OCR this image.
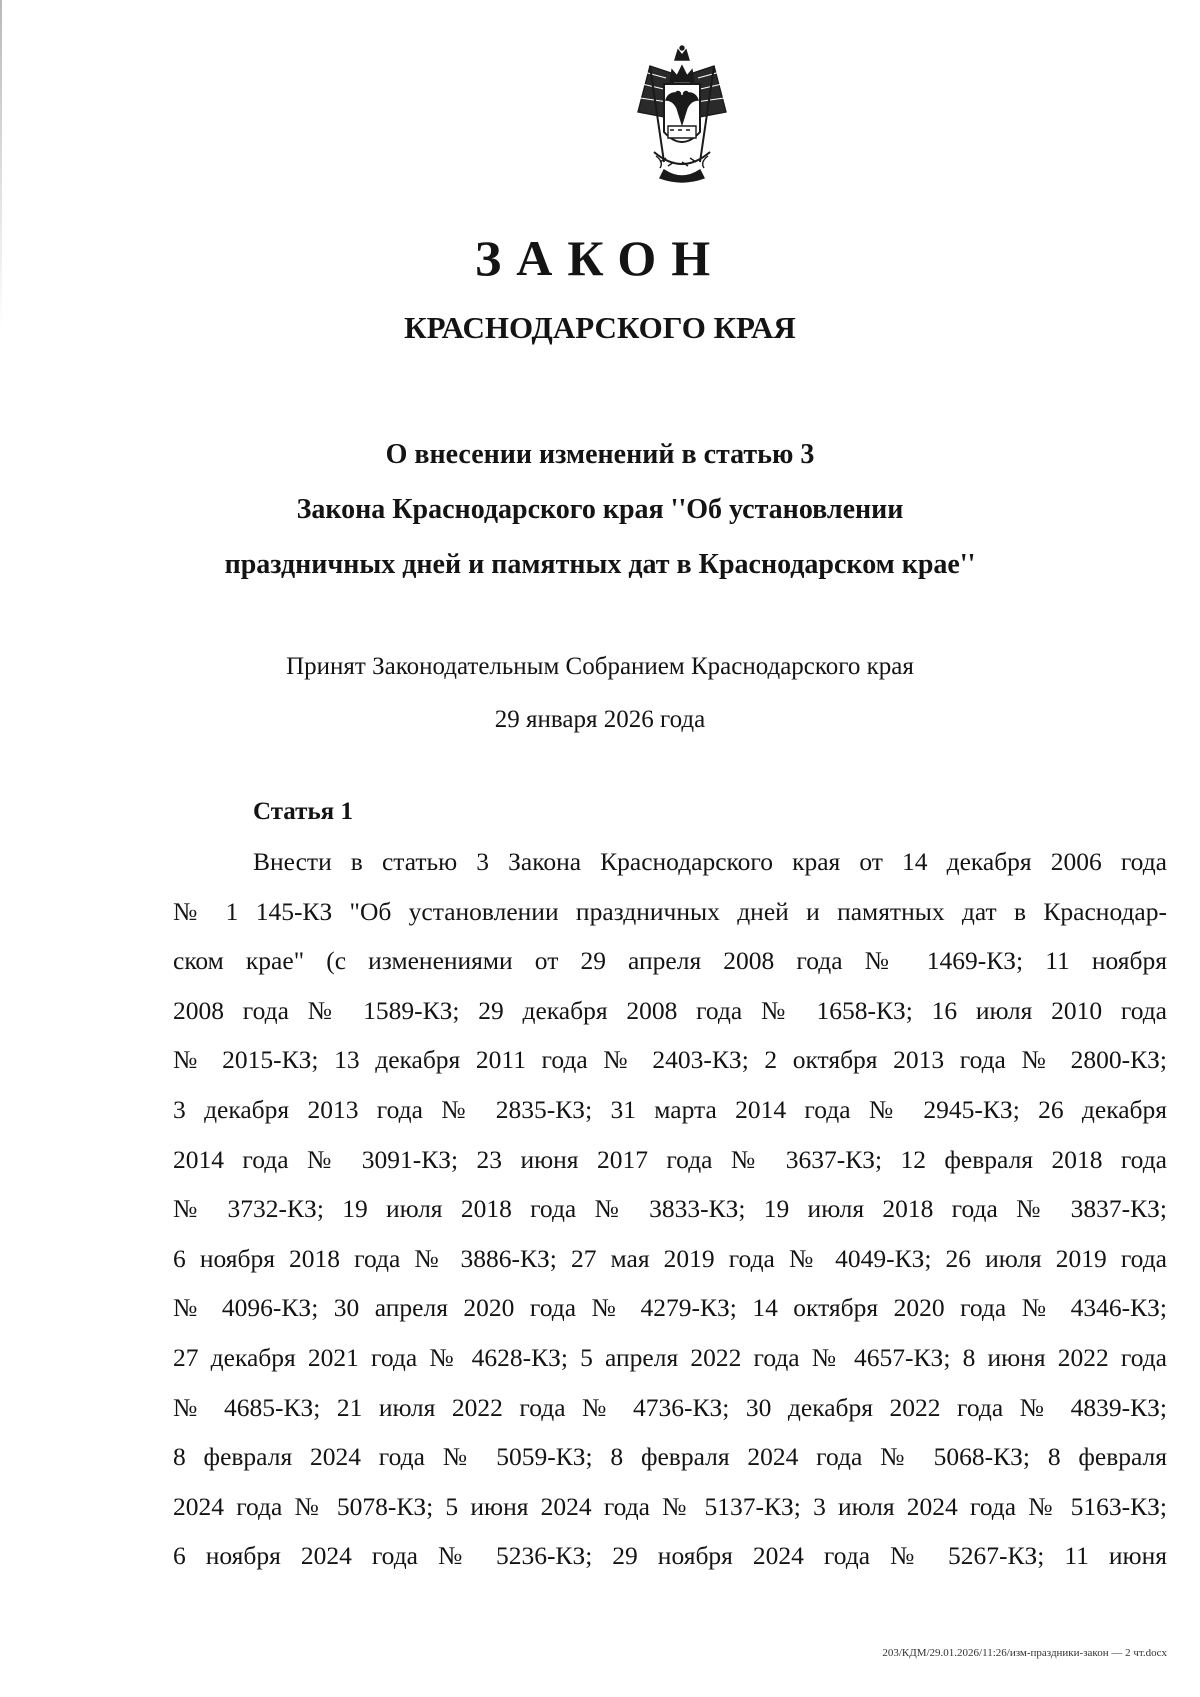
ЗАКОН
КРАСНОДАРСКОГО КРАЯ
О внесении изменений в статью 3
Закона Краснодарского края ''Об установлении
праздничных дней и памятных дат в Краснодарском крае''
Принят Законодательным Собранием Краснодарского края
29 января 2026 года
Статья 1
Внести в статью 3 Закона Краснодарского края от 14 декабря 2006 года
№ 1 145-КЗ "Об установлении праздничных дней и памятных дат в Краснодар-
ском крае" (с изменениями от 29 апреля 2008 года № 1469-КЗ; 11 ноября
2008 года № 1589-КЗ; 29 декабря 2008 года № 1658-КЗ; 16 июля 2010 года
№ 2015-КЗ; 13 декабря 2011 года № 2403-КЗ; 2 октября 2013 года № 2800-КЗ;
3 декабря 2013 года № 2835-КЗ; 31 марта 2014 года № 2945-КЗ; 26 декабря
2014 года № 3091-КЗ; 23 июня 2017 года № 3637-КЗ; 12 февраля 2018 года
№ 3732-КЗ; 19 июля 2018 года № 3833-КЗ; 19 июля 2018 года № 3837-КЗ;
6 ноября 2018 года № 3886-КЗ; 27 мая 2019 года № 4049-КЗ; 26 июля 2019 года
№ 4096-КЗ; 30 апреля 2020 года № 4279-КЗ; 14 октября 2020 года № 4346-КЗ;
27 декабря 2021 года № 4628-КЗ; 5 апреля 2022 года № 4657-КЗ; 8 июня 2022 года
№ 4685-КЗ; 21 июля 2022 года № 4736-КЗ; 30 декабря 2022 года № 4839-КЗ;
8 февраля 2024 года № 5059-КЗ; 8 февраля 2024 года № 5068-КЗ; 8 февраля
2024 года № 5078-КЗ; 5 июня 2024 года № 5137-КЗ; 3 июля 2024 года № 5163-КЗ;
6 ноября 2024 года № 5236-КЗ; 29 ноября 2024 года № 5267-КЗ; 11 июня
203/КДМ/29.01.2026/11:26/изм-праздники-закон — 2 чт.docx
